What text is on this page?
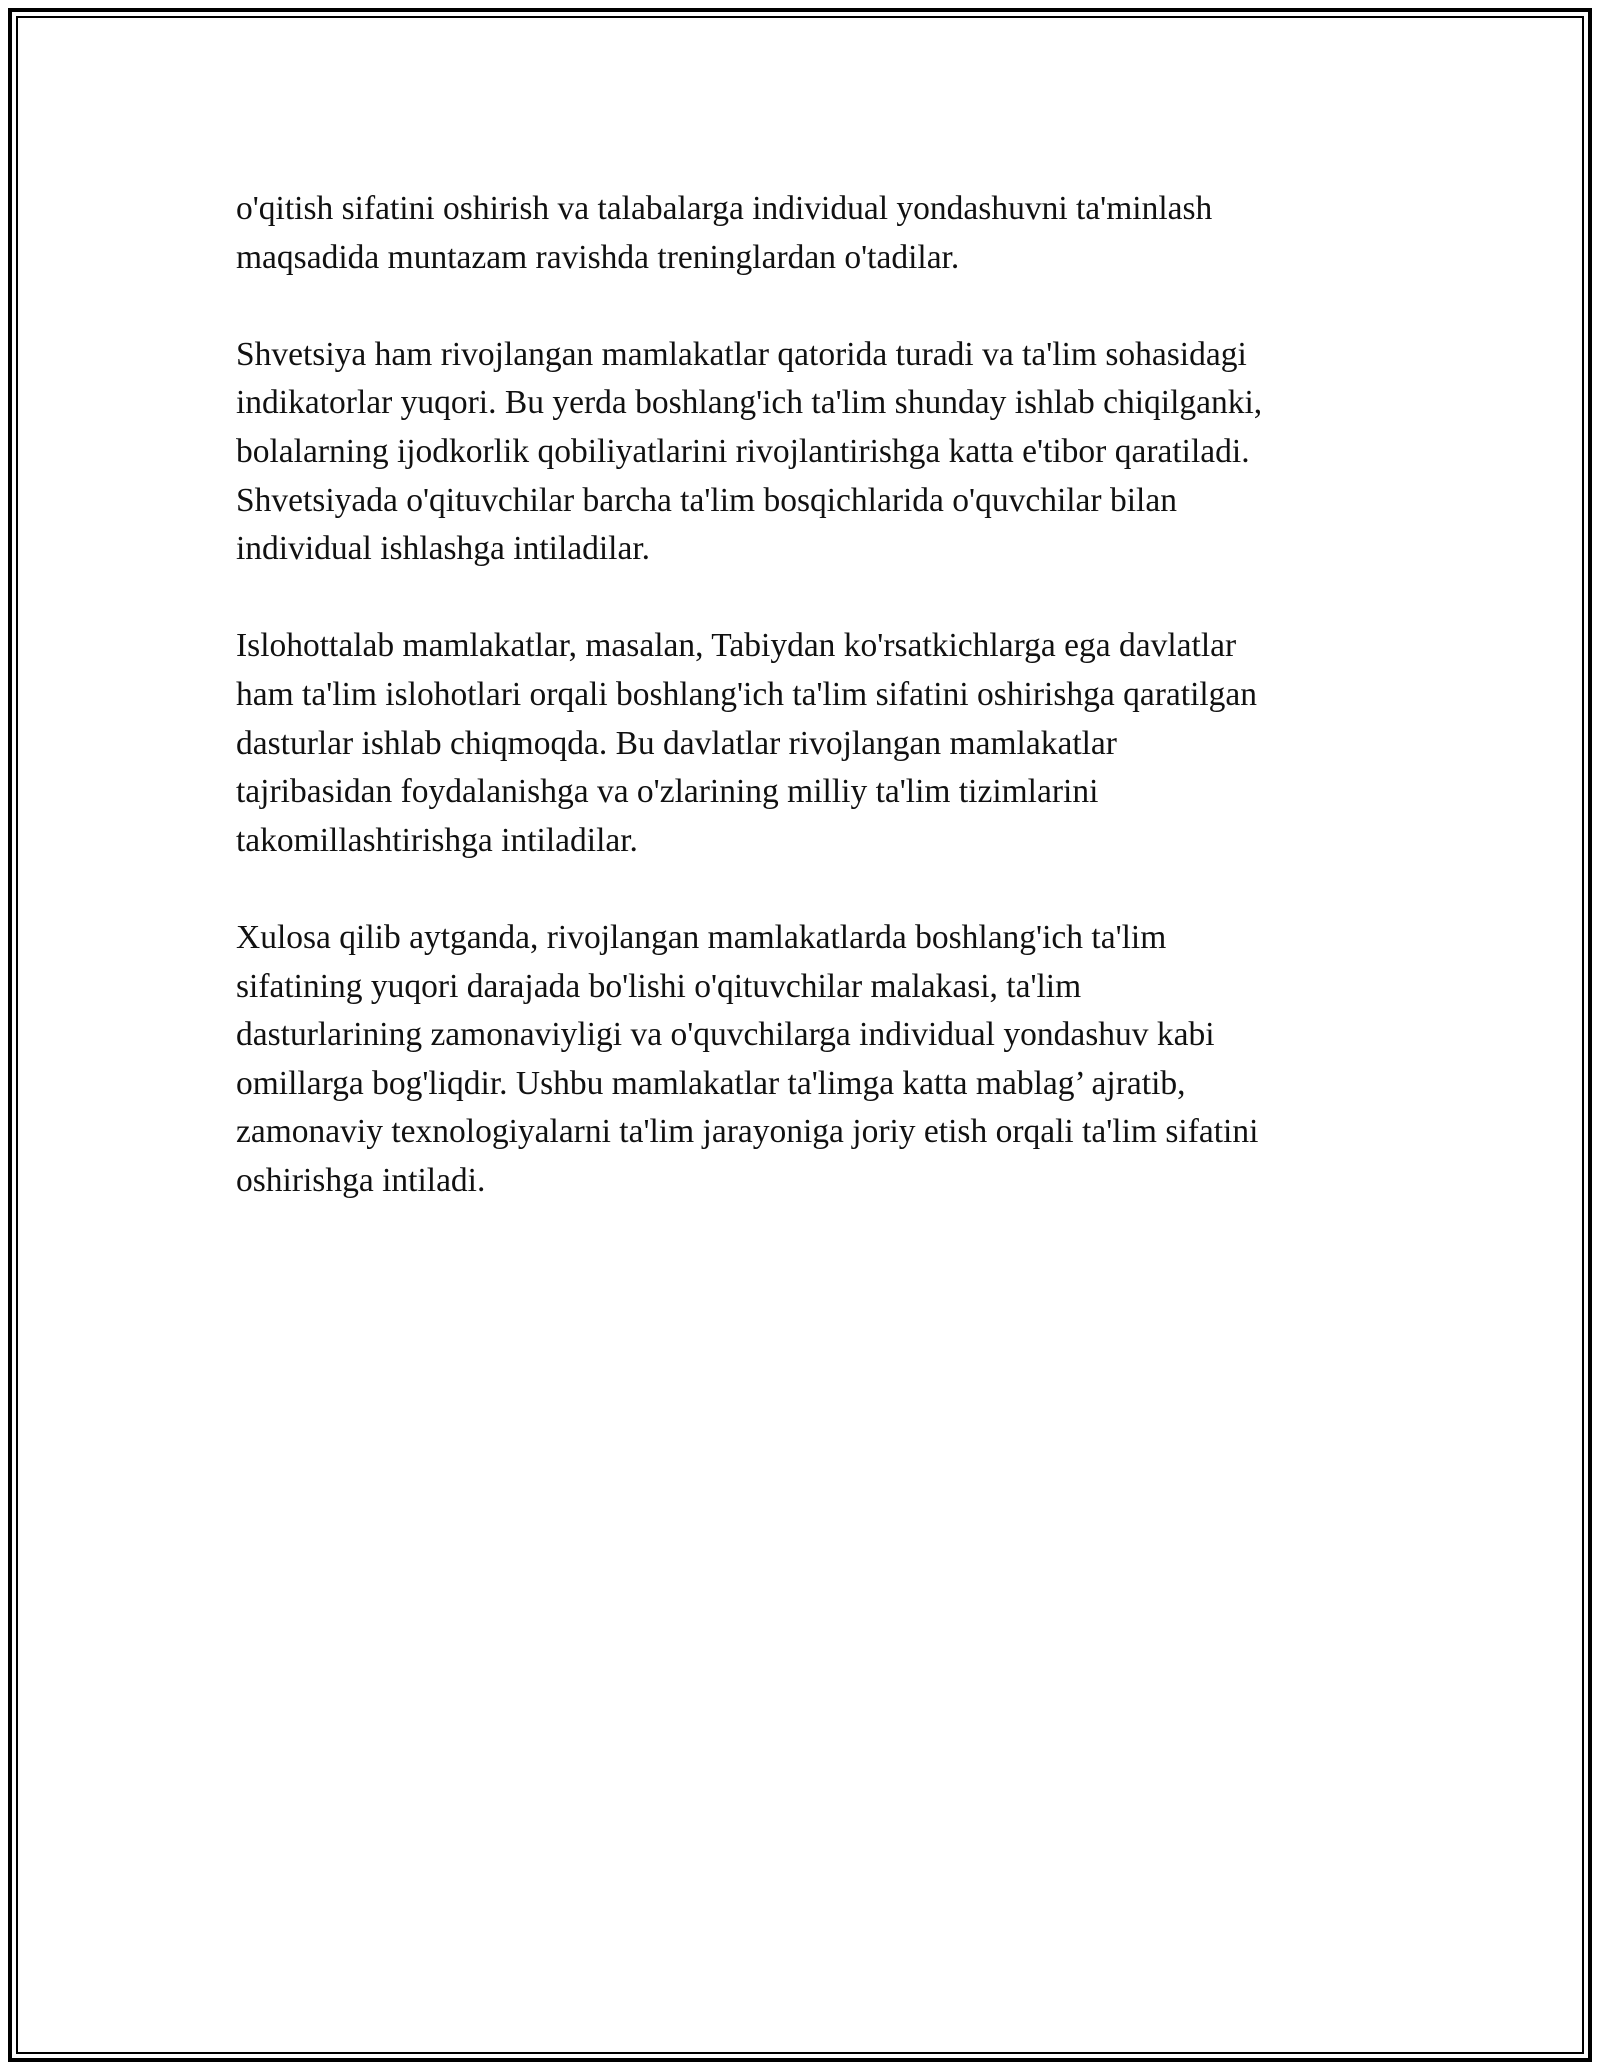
o'qitish sifatini oshirish va talabalarga individual yondashuvni ta'minlash
maqsadida muntazam ravishda treninglardan o'tadilar.

Shvetsiya ham rivojlangan mamlakatlar qatorida turadi va ta'lim sohasidagi
indikatorlar yuqori. Bu yerda boshlang'ich ta'lim shunday ishlab chiqilganki,
bolalarning ijodkorlik qobiliyatlarini rivojlantirishga katta e'tibor qaratiladi.
Shvetsiyada o'qituvchilar barcha ta'lim bosqichlarida o'quvchilar bilan
individual ishlashga intiladilar.

Islohottalab mamlakatlar, masalan, Tabiydan ko'rsatkichlarga ega davlatlar
ham ta'lim islohotlari orqali boshlang'ich ta'lim sifatini oshirishga qaratilgan
dasturlar ishlab chiqmoqda. Bu davlatlar rivojlangan mamlakatlar
tajribasidan foydalanishga va o'zlarining milliy ta'lim tizimlarini
takomillashtirishga intiladilar.

Xulosa qilib aytganda, rivojlangan mamlakatlarda boshlang'ich ta'lim
sifatining yuqori darajada bo'lishi o'qituvchilar malakasi, ta'lim
dasturlarining zamonaviyligi va o'quvchilarga individual yondashuv kabi
omillarga bog'liqdir. Ushbu mamlakatlar ta'limga katta mablag’ ajratib,
zamonaviy texnologiyalarni ta'lim jarayoniga joriy etish orqali ta'lim sifatini
oshirishga intiladi.
